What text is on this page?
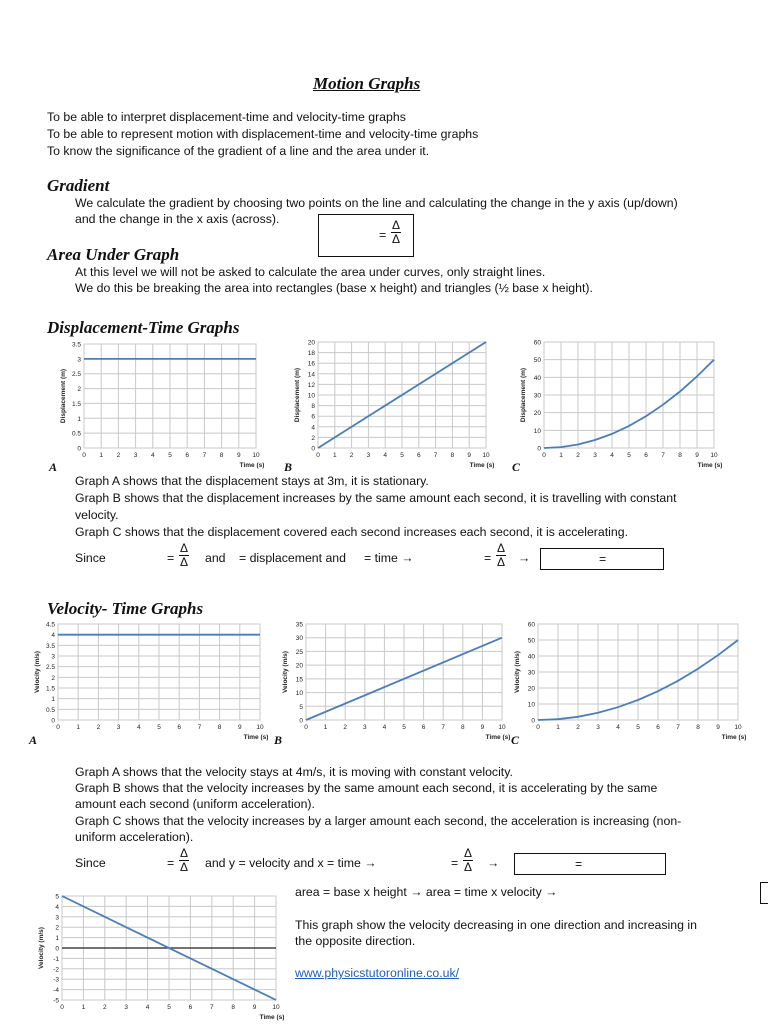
Motion Graphs
To be able to interpret displacement-time and velocity-time graphs
To be able to represent motion with displacement-time and velocity-time graphs
To know the significance of the gradient of a line and the area under it.
Gradient
We calculate the gradient by choosing two points on the line and calculating the change in the y axis (up/down)
and the change in the x axis (across).
= $\frac{\Delta}{\Delta}$
Area Under Graph
At this level we will not be asked to calculate the area under curves, only straight lines.
We do this be breaking the area into rectangles (base x height) and triangles (½ base x height).
Displacement-Time Graphs
0 1 2 3 4 5 6 7 8 9 10
0
0.5
1
1.5
2
2.5
3
3.5
Time (s)
Displacement (m)
0 1 2 3 4 5 6 7 8 9 10
0
2
4
6
8
10
12
14
16
18
20
Time (s)
Displacement (m)
0 1 2 3 4 5 6 7 8 9 10
0
10
20
30
40
50
60
Time (s)
Displacement (m)
A	B	C
Graph A shows that the displacement stays at 3m, it is stationary.
Graph B shows that the displacement increases by the same amount each second, it is travelling with constant
velocity.
Graph C shows that the displacement covered each second increases each second, it is accelerating.
Since	= $\frac{\Delta}{\Delta}$ and = displacement and = time →	= $\frac{\Delta}{\Delta}$ →	=
Velocity- Time Graphs
0	1	2	3	4	5	6	7	8	9 10
0
0.5
1
1.5
2
2.5
3
3.5
4
4.5
Time (s)
Velocity (m/s)
0 1 2 3 4 5 6 7 8 9 10
0
5
10
15
20
25
30
35
Time (s)
Velocity (m/s)
0	1	2	3	4	5	6	7	8	9 10
0
10
20
30
40
50
60
Time (s)
Velocity (m/s)
A	B	C
Graph A shows that the velocity stays at 4m/s, it is moving with constant velocity.
Graph B shows that the velocity increases by the same amount each second, it is accelerating by the same
amount each second (uniform acceleration).
Graph C shows that the velocity increases by a larger amount each second, the acceleration is increasing (non-
uniform acceleration).
Since	= $\frac{\Delta}{\Delta}$ and y = velocity and x = time →	= $\frac{\Delta}{\Delta}$ →	=
0	1	2	3	4	5	6	7	8	9 10
-5
-4
-3
-2
-1
0
1
2
3
4
5
Time (s)
Velocity (m/s)
area = base x height → area = time x velocity →
This graph show the velocity decreasing in one direction and increasing in
the opposite direction.
www.physicstutoronline.co.uk/
